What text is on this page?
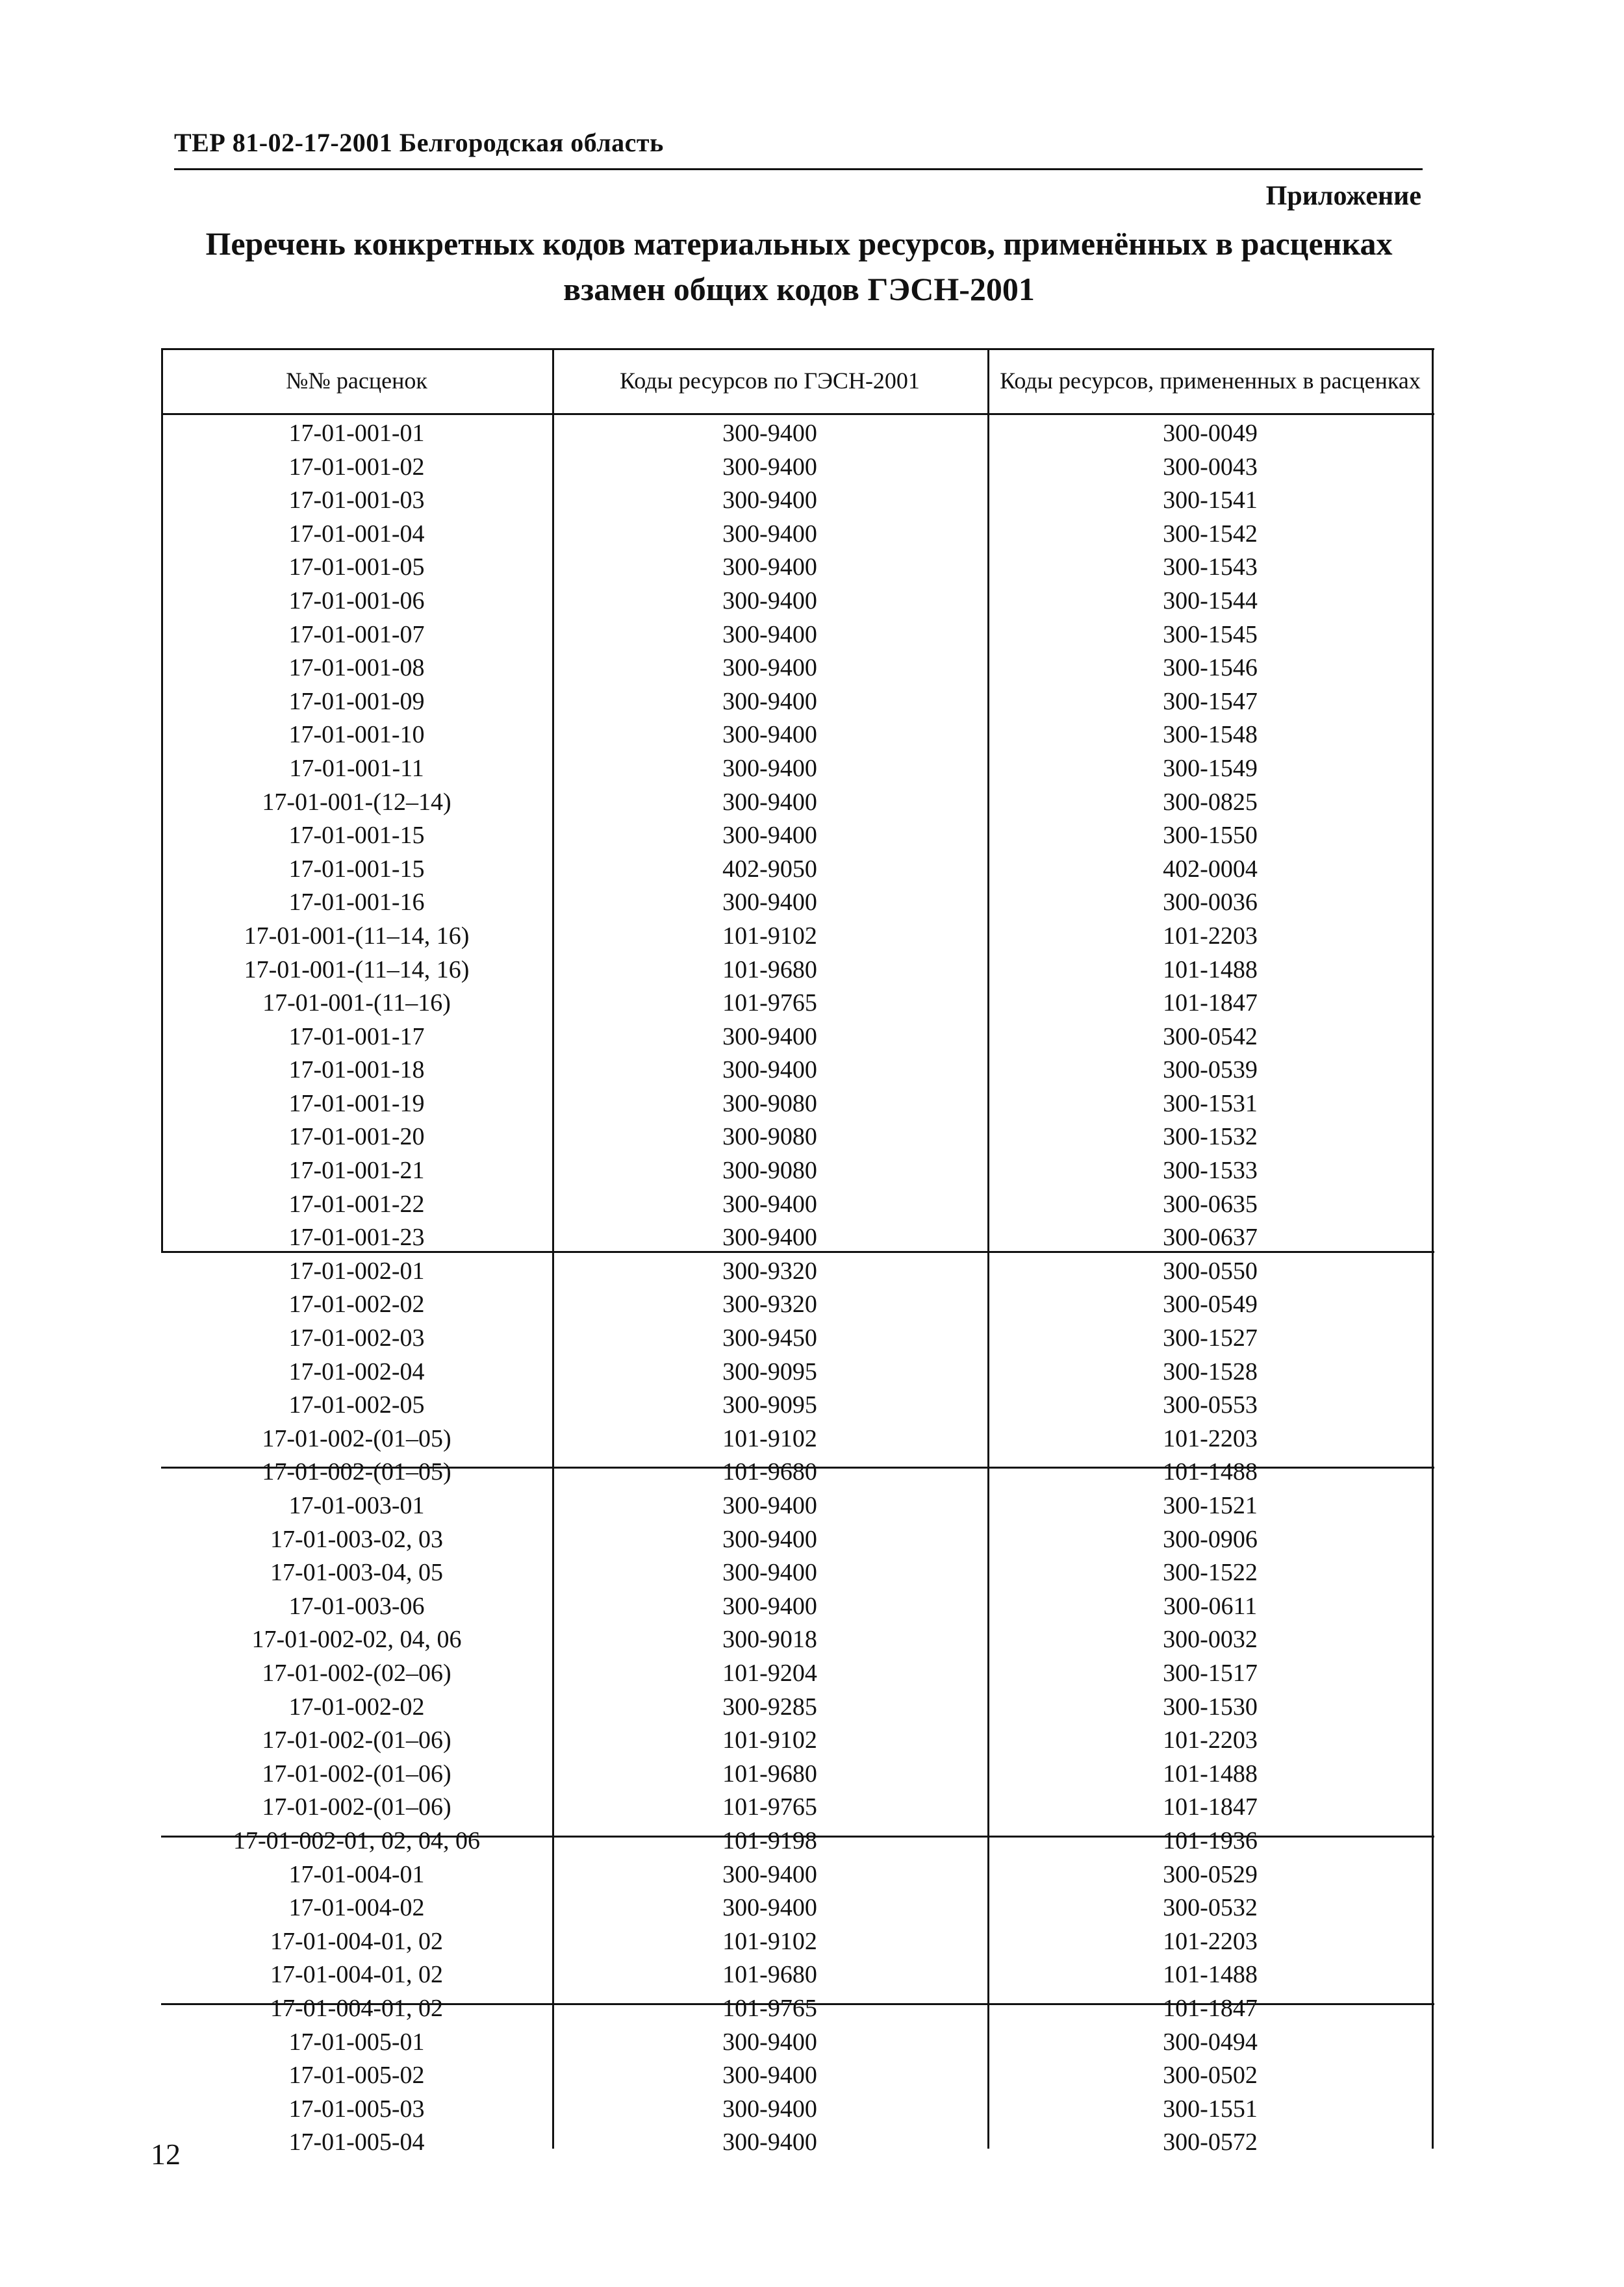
ТЕР 81-02-17-2001 Белгородская область
Приложение
Перечень конкретных кодов материальных ресурсов, применённых в расценках
взамен общих кодов ГЭСН-2001
№№ расценок	Коды ресурсов по ГЭСН-2001	Коды ресурсов, примененных в расценках
17-01-001-01	300-9400	300-0049
17-01-001-02	300-9400	300-0043
17-01-001-03	300-9400	300-1541
17-01-001-04	300-9400	300-1542
17-01-001-05	300-9400	300-1543
17-01-001-06	300-9400	300-1544
17-01-001-07	300-9400	300-1545
17-01-001-08	300-9400	300-1546
17-01-001-09	300-9400	300-1547
17-01-001-10	300-9400	300-1548
17-01-001-11	300-9400	300-1549
17-01-001-(12–14)	300-9400	300-0825
17-01-001-15	300-9400	300-1550
17-01-001-15	402-9050	402-0004
17-01-001-16	300-9400	300-0036
17-01-001-(11–14, 16)	101-9102	101-2203
17-01-001-(11–14, 16)	101-9680	101-1488
17-01-001-(11–16)	101-9765	101-1847
17-01-001-17	300-9400	300-0542
17-01-001-18	300-9400	300-0539
17-01-001-19	300-9080	300-1531
17-01-001-20	300-9080	300-1532
17-01-001-21	300-9080	300-1533
17-01-001-22	300-9400	300-0635
17-01-001-23	300-9400	300-0637
17-01-002-01	300-9320	300-0550
17-01-002-02	300-9320	300-0549
17-01-002-03	300-9450	300-1527
17-01-002-04	300-9095	300-1528
17-01-002-05	300-9095	300-0553
17-01-002-(01–05)	101-9102	101-2203
17-01-002-(01–05)	101-9680	101-1488
17-01-003-01	300-9400	300-1521
17-01-003-02, 03	300-9400	300-0906
17-01-003-04, 05	300-9400	300-1522
17-01-003-06	300-9400	300-0611
17-01-002-02, 04, 06	300-9018	300-0032
17-01-002-(02–06)	101-9204	300-1517
17-01-002-02	300-9285	300-1530
17-01-002-(01–06)	101-9102	101-2203
17-01-002-(01–06)	101-9680	101-1488
17-01-002-(01–06)	101-9765	101-1847
17-01-002-01, 02, 04, 06	101-9198	101-1936
17-01-004-01	300-9400	300-0529
17-01-004-02	300-9400	300-0532
17-01-004-01, 02	101-9102	101-2203
17-01-004-01, 02	101-9680	101-1488
17-01-004-01, 02	101-9765	101-1847
17-01-005-01	300-9400	300-0494
17-01-005-02	300-9400	300-0502
17-01-005-03	300-9400	300-1551
17-01-005-04	300-9400	300-0572
12
